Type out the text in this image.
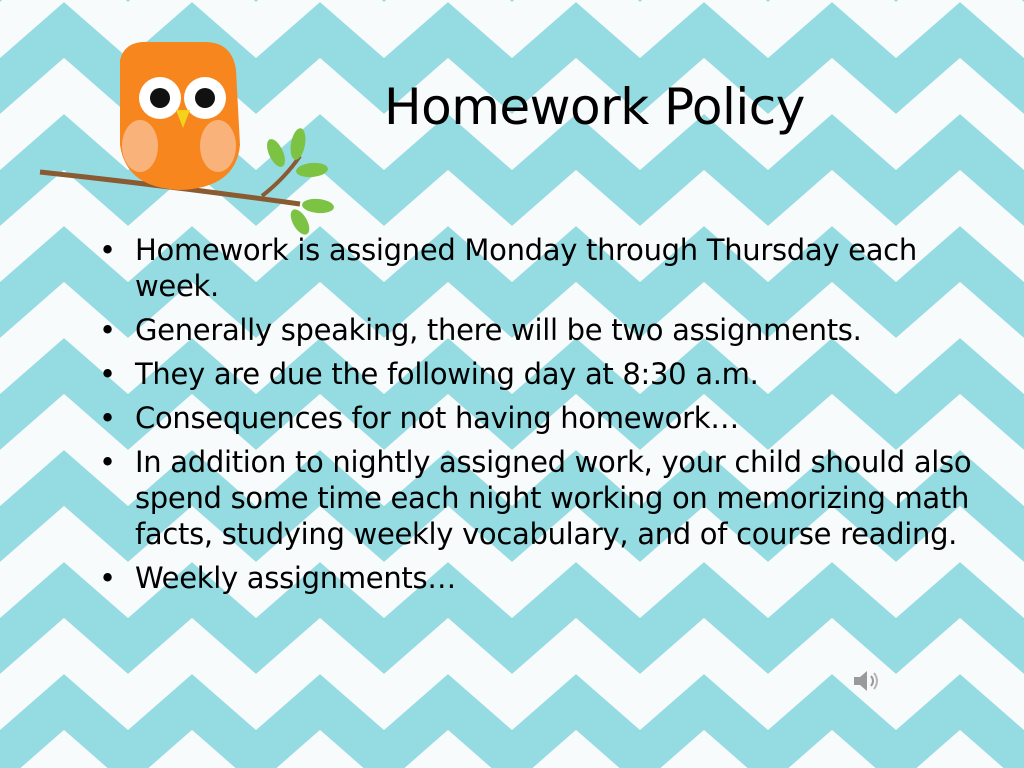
Homework Policy
• Homework is assigned Monday through Thursday each week.
• Generally speaking, there will be two assignments.
• They are due the following day at 8:30 a.m.
• Consequences for not having homework…
• In addition to nightly assigned work, your child should also spend some time each night working on memorizing math facts, studying weekly vocabulary, and of course reading.
• Weekly assignments…
